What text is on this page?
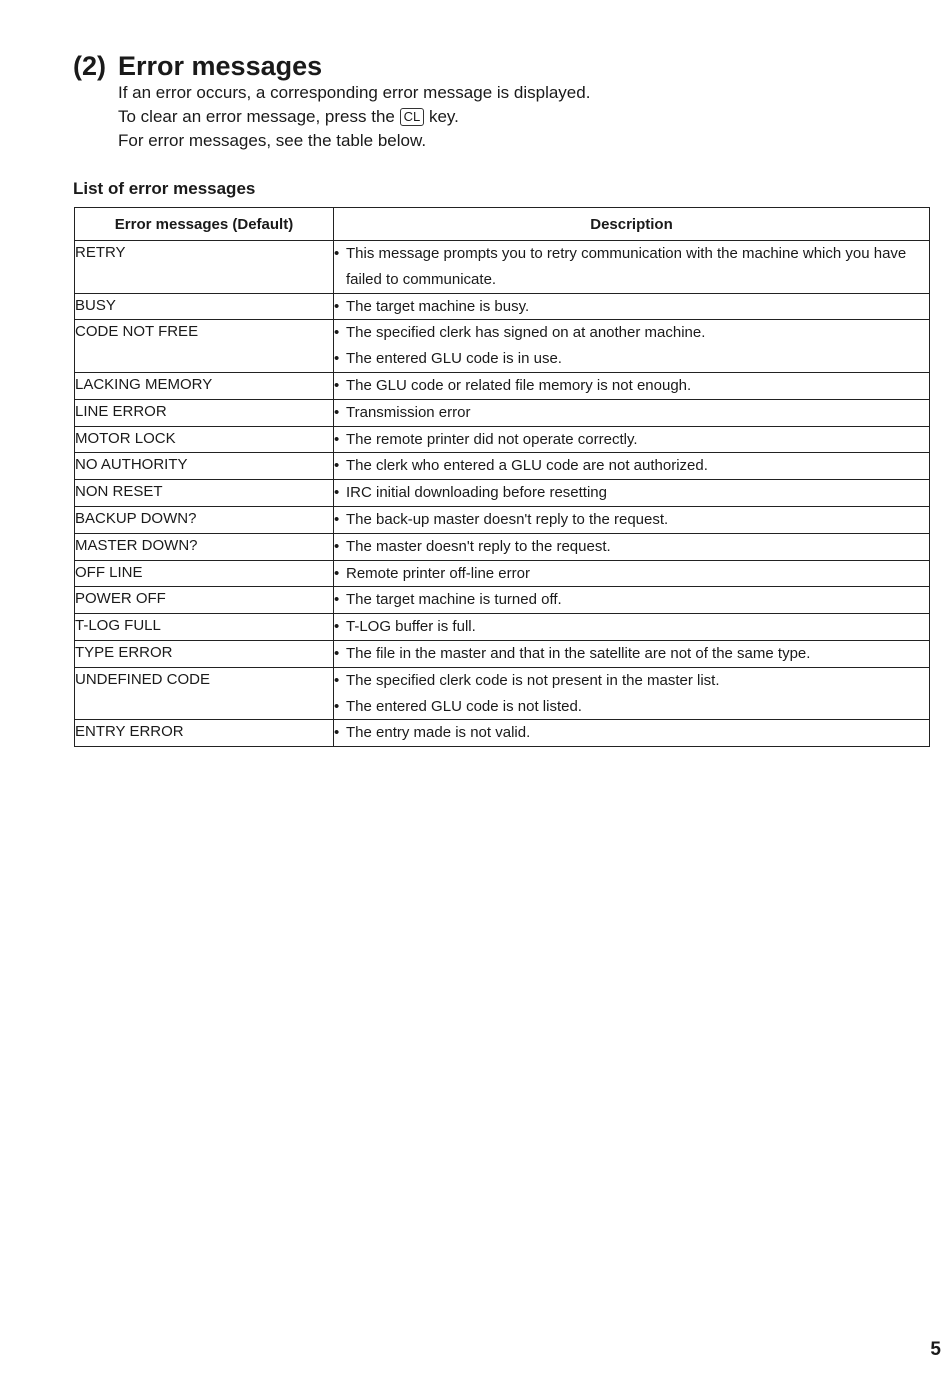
(2) Error messages

If an error occurs, a corresponding error message is displayed.

To clear an error message, press the CL key.

For error messages, see the table below.

List of error messages
Error messages (Default)	Description
RETRY	• This message prompts you to retry communication with the machine which you have failed to communicate.

BUSY	• The target machine is busy.

CODE NOT FREE	• The specified clerk has signed on at another machine.
• The entered GLU code is in use.

LACKING MEMORY	• The GLU code or related file memory is not enough.

LINE ERROR	• Transmission error

MOTOR LOCK	• The remote printer did not operate correctly.

NO AUTHORITY	• The clerk who entered a GLU code are not authorized.

NON RESET	• IRC initial downloading before resetting

BACKUP DOWN?	• The back-up master doesn't reply to the request.

MASTER DOWN?	• The master doesn't reply to the request.

OFF LINE	• Remote printer off-line error

POWER OFF	• The target machine is turned off.

T-LOG FULL	• T-LOG buffer is full.

TYPE ERROR	• The file in the master and that in the satellite are not of the same type.

UNDEFINED CODE	• The specified clerk code is not present in the master list.
• The entered GLU code is not listed.

ENTRY ERROR	• The entry made is not valid.
5
